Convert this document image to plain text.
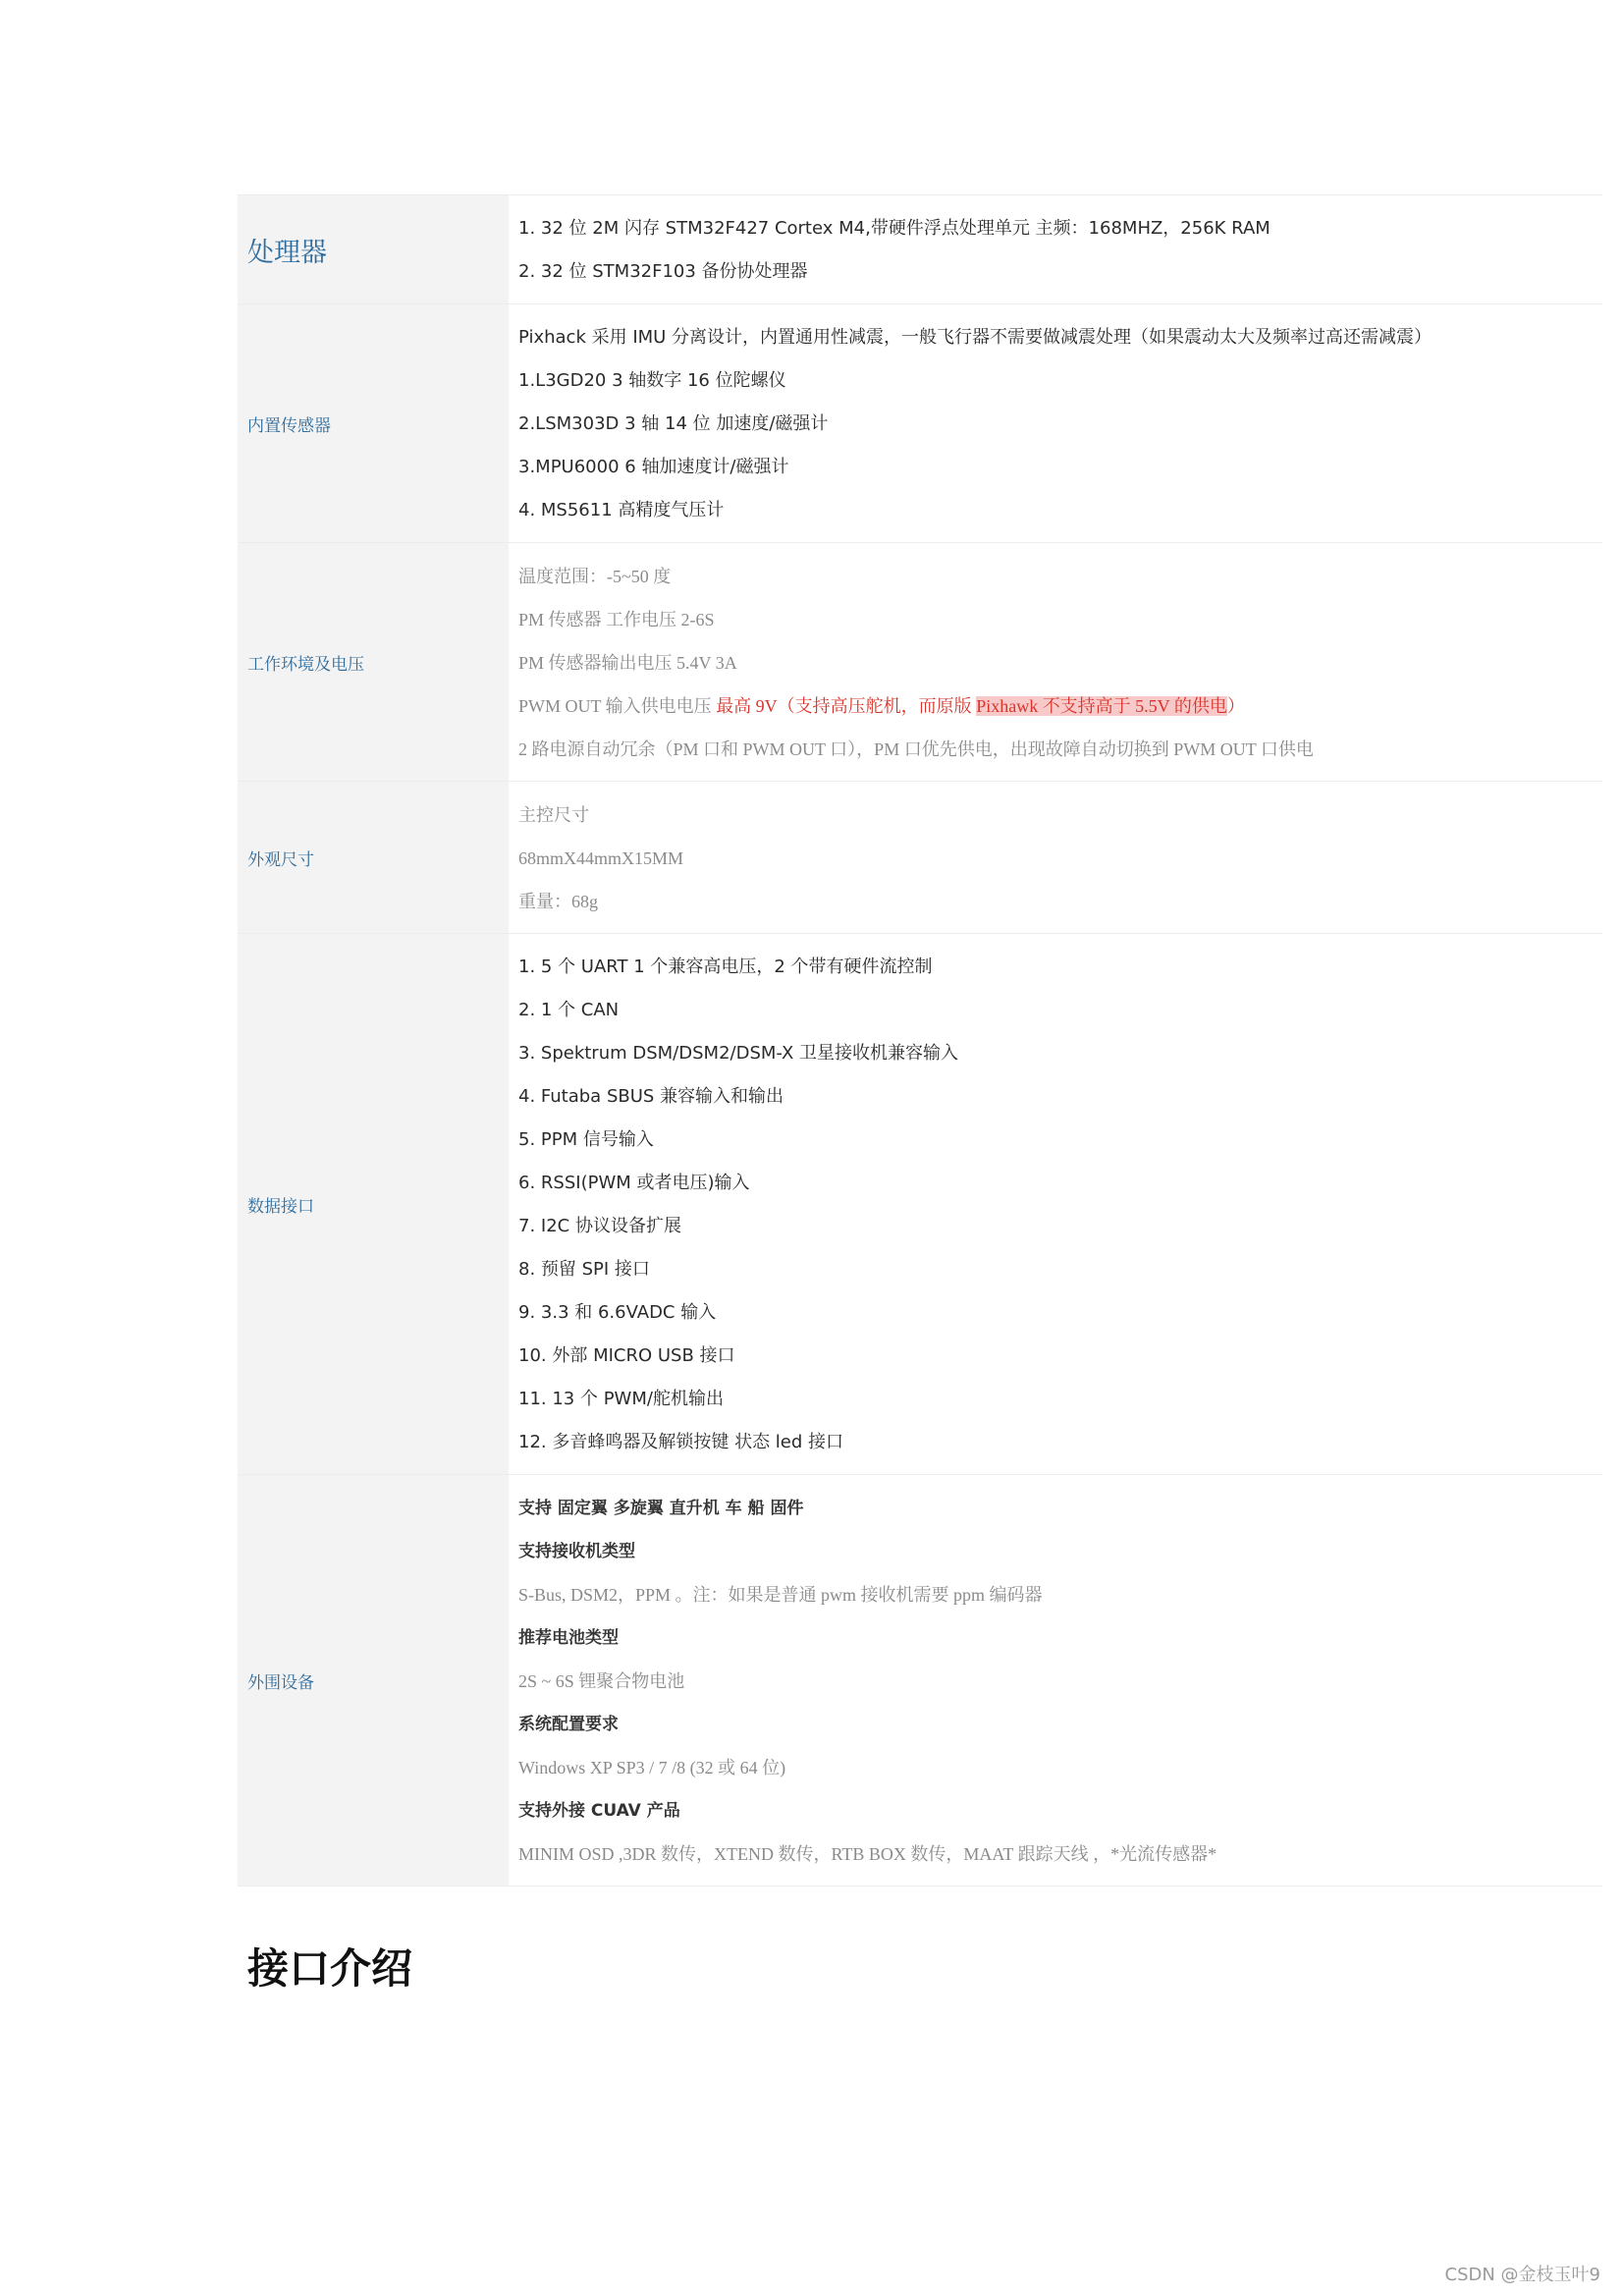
处理器
1. 32 位 2M 闪存 STM32F427 Cortex M4,带硬件浮点处理单元 主频：168MHZ，256K RAM
2. 32 位 STM32F103 备份协处理器
内置传感器
Pixhack 采用 IMU 分离设计，内置通用性减震，一般飞行器不需要做减震处理（如果震动太大及频率过高还需减震）
1.L3GD20 3 轴数字 16 位陀螺仪
2.LSM303D 3 轴 14 位 加速度/磁强计
3.MPU6000 6 轴加速度计/磁强计
4. MS5611 高精度气压计
工作环境及电压
温度范围：-5~50 度
PM 传感器 工作电压 2-6S
PM 传感器输出电压 5.4V 3A
PWM OUT 输入供电电压 最高 9V（支持高压舵机，而原版 Pixhawk 不支持高于 5.5V 的供电）
2 路电源自动冗余（PM 口和 PWM OUT 口），PM 口优先供电，出现故障自动切换到 PWM OUT 口供电
外观尺寸
主控尺寸
68mmX44mmX15MM
重量：68g
数据接口
1. 5 个 UART 1 个兼容高电压，2 个带有硬件流控制
2. 1 个 CAN
3. Spektrum DSM/DSM2/DSM-X 卫星接收机兼容输入
4. Futaba SBUS 兼容输入和输出
5. PPM 信号输入
6. RSSI(PWM 或者电压)输入
7. I2C 协议设备扩展
8. 预留 SPI 接口
9. 3.3 和 6.6VADC 输入
10. 外部 MICRO USB 接口
11. 13 个 PWM/舵机输出
12. 多音蜂鸣器及解锁按键 状态 led 接口
外围设备
支持 固定翼 多旋翼 直升机 车 船 固件
支持接收机类型
S-Bus, DSM2，PPM 。注：如果是普通 pwm 接收机需要 ppm 编码器
推荐电池类型
2S ~ 6S 锂聚合物电池
系统配置要求
Windows XP SP3 / 7 /8 (32 或 64 位)
支持外接 CUAV 产品
MINIM OSD ,3DR 数传，XTEND 数传，RTB BOX 数传，MAAT 跟踪天线 ，*光流传感器*
接口介绍
CSDN @金枝玉叶9
